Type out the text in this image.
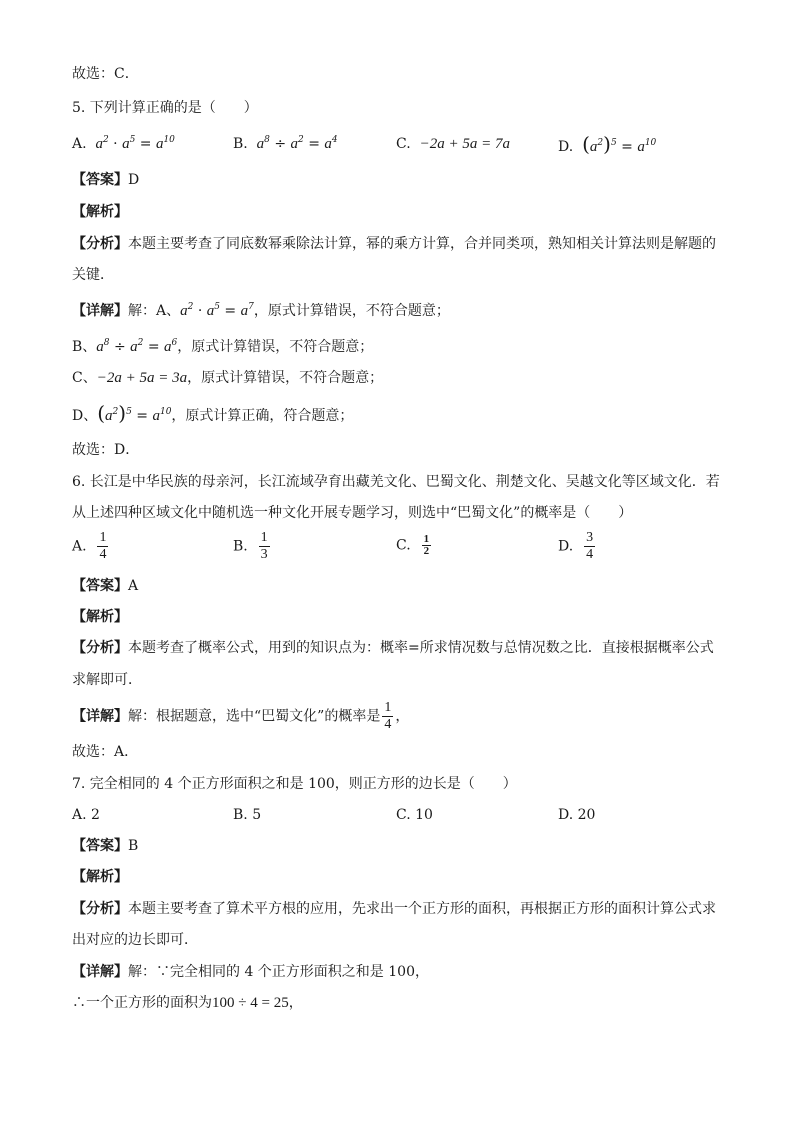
故选：C．
5. 下列计算正确的是（　　）
A. $a^2 \cdot a^5 = a^{10}$	B. $a^8 \div a^2 = a^4$	C. −2a + 5a = 7a	D. $(a^2)^5 = a^{10}$
【答案】D
【解析】
【分析】本题主要考查了同底数幂乘除法计算，幂的乘方计算，合并同类项，熟知相关计算法则是解题的
关键．
【详解】解：A、$a^2 \cdot a^5 = a^7$，原式计算错误，不符合题意；
B、$a^8 \div a^2 = a^6$，原式计算错误，不符合题意；
C、−2a + 5a = 3a，原式计算错误，不符合题意；
D、$(a^2)^5 = a^{10}$，原式计算正确，符合题意；
故选：D．
6. 长江是中华民族的母亲河，长江流域孕育出藏羌文化、巴蜀文化、荆楚文化、吴越文化等区域文化．若
从上述四种区域文化中随机选一种文化开展专题学习，则选中“巴蜀文化”的概率是（　　）
A. $\frac{1}{4}$	B. $\frac{1}{3}$	C. $\frac{1}{2}$	D. $\frac{3}{4}$
【答案】A
【解析】
【分析】本题考查了概率公式，用到的知识点为：概率=所求情况数与总情况数之比．直接根据概率公式
求解即可．
【详解】解：根据题意，选中“巴蜀文化”的概率是 $\frac{1}{4}$ ，
故选：A．
7. 完全相同的 4 个正方形面积之和是 100，则正方形的边长是（　　）
A. 2	B. 5	C. 10	D. 20
【答案】B
【解析】
【分析】本题主要考查了算术平方根的应用，先求出一个正方形的面积，再根据正方形的面积计算公式求
出对应的边长即可．
【详解】解：∵完全相同的 4 个正方形面积之和是 100，
∴一个正方形的面积为100 ÷ 4 = 25，
